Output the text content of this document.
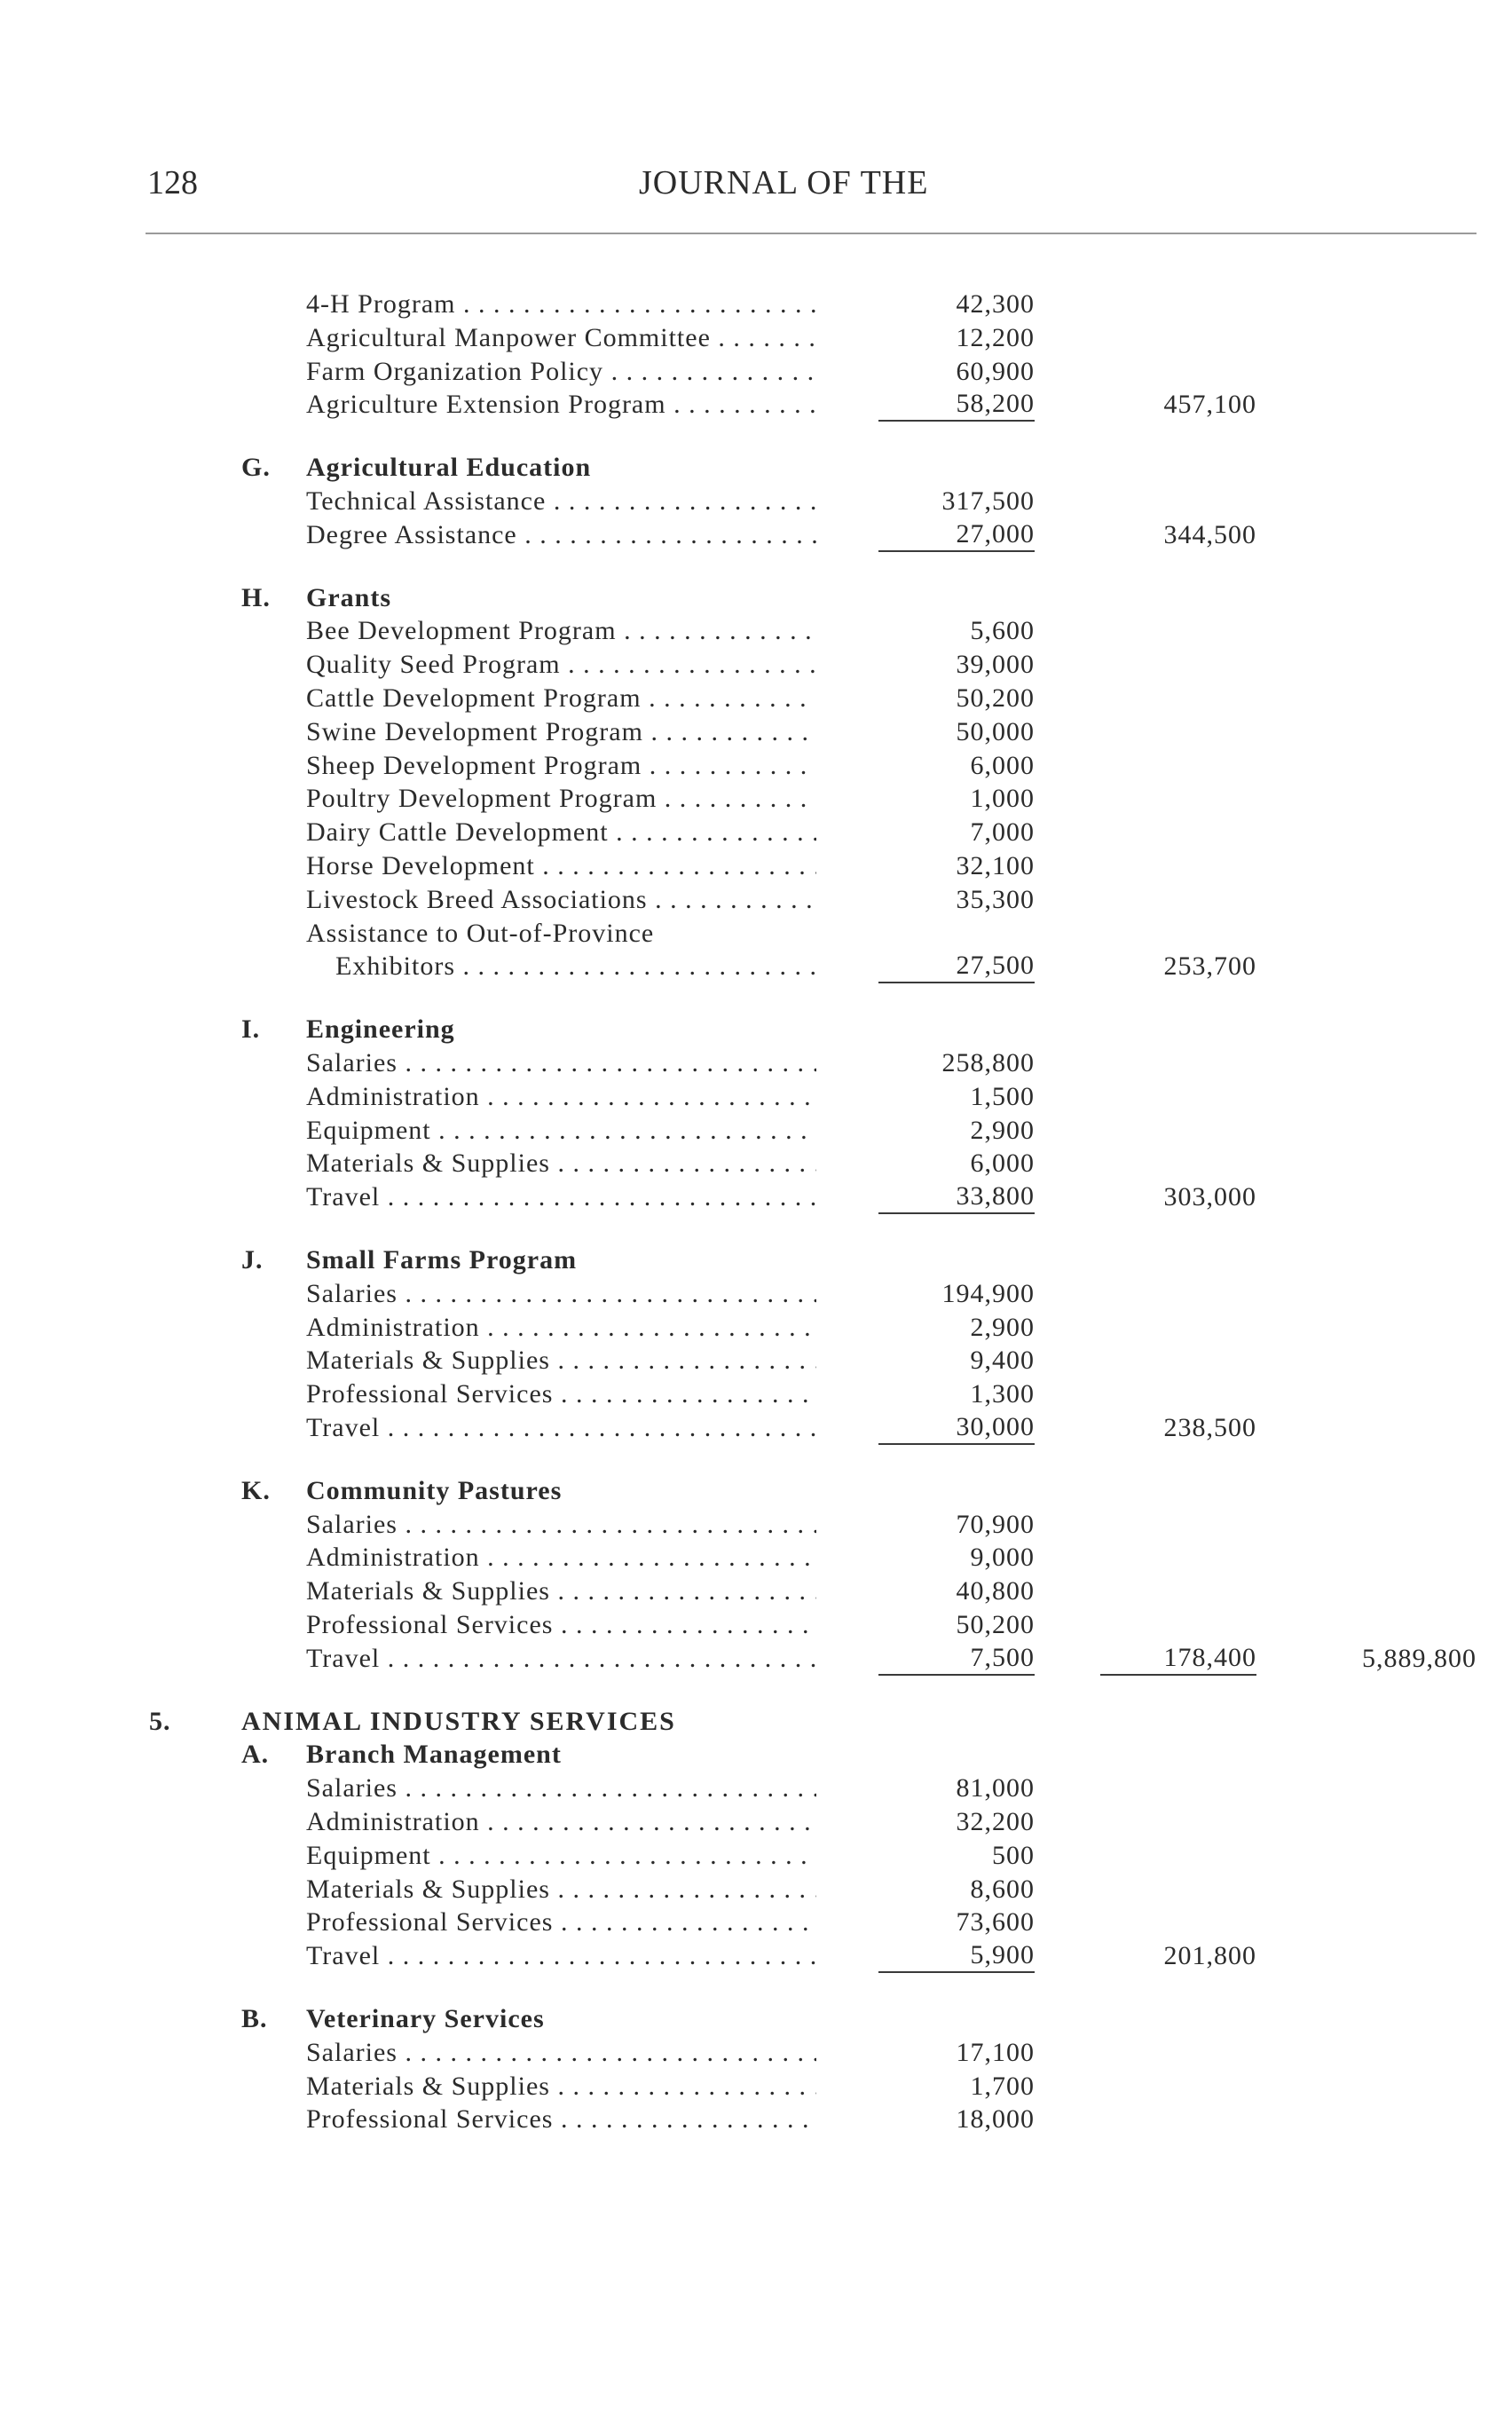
128	JOURNAL OF THE
4-H Program . . .	42,300
Agricultural Manpower Committee . . .	12,200
Farm Organization Policy . . .	60,900
Agriculture Extension Program . . .	58,200	457,100
G. Agricultural Education
Technical Assistance . . .	317,500
Degree Assistance . . .	27,000	344,500
H. Grants
Bee Development Program . . .	5,600
Quality Seed Program . . .	39,000
Cattle Development Program . . .	50,200
Swine Development Program . . .	50,000
Sheep Development Program . . .	6,000
Poultry Development Program . . .	1,000
Dairy Cattle Development . . .	7,000
Horse Development . . .	32,100
Livestock Breed Associations . . .	35,300
Assistance to Out-of-Province
Exhibitors . . .	27,500	253,700
I. Engineering
Salaries . . .	258,800
Administration . . .	1,500
Equipment . . .	2,900
Materials & Supplies . . .	6,000
Travel . . .	33,800	303,000
J. Small Farms Program
Salaries . . .	194,900
Administration . . .	2,900
Materials & Supplies . . .	9,400
Professional Services . . .	1,300
Travel . . .	30,000	238,500
K. Community Pastures
Salaries . . .	70,900
Administration . . .	9,000
Materials & Supplies . . .	40,800
Professional Services . . .	50,200
Travel . . .	7,500	178,400	5,889,800
5.	ANIMAL INDUSTRY SERVICES
A. Branch Management
Salaries . . .	81,000
Administration . . .	32,200
Equipment . . .	500
Materials & Supplies . . .	8,600
Professional Services . . .	73,600
Travel . . .	5,900	201,800
B. Veterinary Services
Salaries . . .	17,100
Materials & Supplies . . .	1,700
Professional Services . . .	18,000
